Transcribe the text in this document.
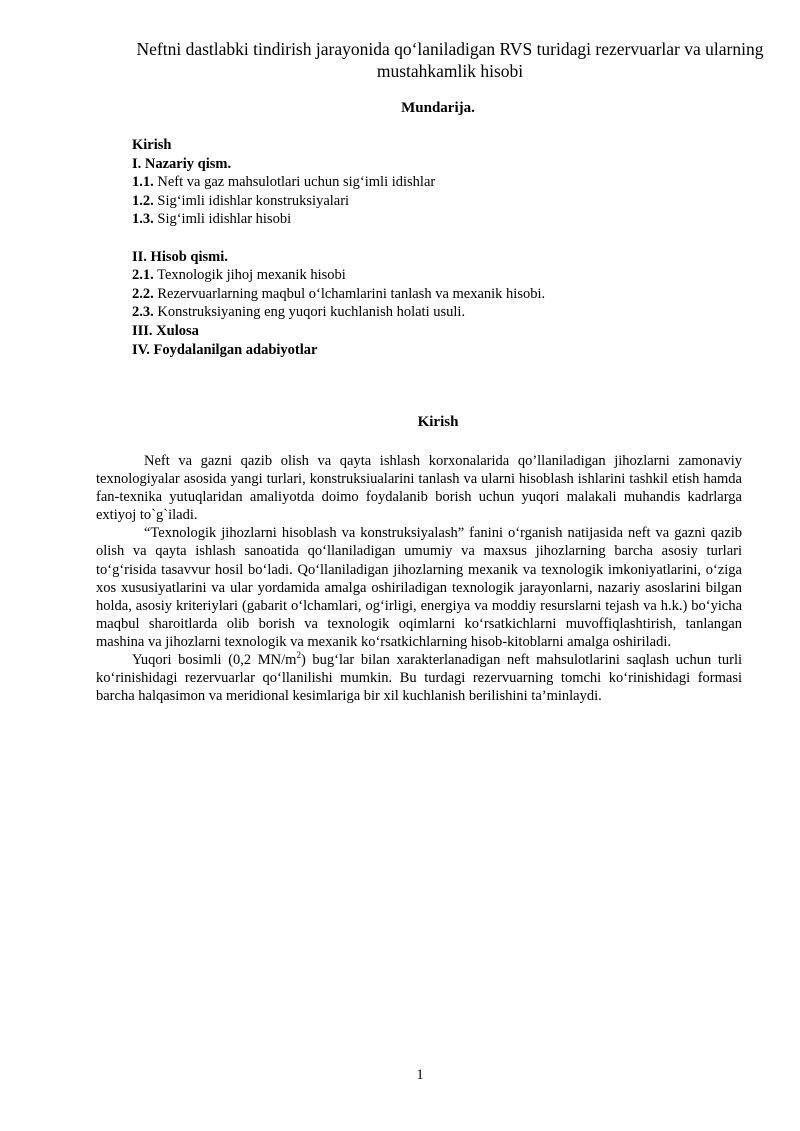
Neftni dastlabki tindirish jarayonida qo‘laniladigan RVS turidagi rezervuarlar va ularning mustahkamlik hisobi
Mundarija.
Kirish
I. Nazariy qism.
1.1. Neft va gaz mahsulotlari uchun sig‘imli idishlar
1.2. Sig‘imli idishlar konstruksiyalari
1.3. Sig‘imli idishlar hisobi
II. Hisob qismi.
2.1. Texnologik jihoj mexanik hisobi
2.2. Rezervuarlarning maqbul o‘lchamlarini tanlash va mexanik hisobi.
2.3. Konstruksiyaning eng yuqori kuchlanish holati usuli.
III. Xulosa
IV. Foydalanilgan adabiyotlar
Kirish

Neft va gazni qazib olish va qayta ishlash korxonalarida qo’llaniladigan jihozlarni zamonaviy texnologiyalar asosida yangi turlari, konstruksiualarini tanlash va ularni hisoblash ishlarini tashkil etish hamda fan-texnika yutuqlaridan amaliyotda doimo foydalanib borish uchun yuqori malakali muhandis kadrlarga extiyoj to`g`iladi.

“Texnologik jihozlarni hisoblash va konstruksiyalash” fanini o‘rganish natijasida neft va gazni qazib olish va qayta ishlash sanoatida qo‘llaniladigan umumiy va maxsus jihozlarning barcha asosiy turlari to‘g‘risida tasavvur hosil bo‘ladi. Qo‘llaniladigan jihozlarning mexanik va texnologik imkoniyatlarini, o‘ziga xos xususiyatlarini va ular yordamida amalga oshiriladigan texnologik jarayonlarni, nazariy asoslarini bilgan holda, asosiy kriteriylari (gabarit o‘lchamlari, og‘irligi, energiya va moddiy resurslarni tejash va h.k.) bo‘yicha maqbul sharoitlarda olib borish va texnologik oqimlarni ko‘rsatkichlarni muvoffiqlashtirish, tanlangan mashina va jihozlarni texnologik va mexanik ko‘rsatkichlarning hisob-kitoblarni amalga oshiriladi.

Yuqori bosimli (0,2 $MN/m^2$) bug‘lar bilan xarakterlanadigan neft mahsulotlarini saqlash uchun turli ko‘rinishidagi rezervuarlar qo‘llanilishi mumkin. Bu turdagi rezervuarning tomchi ko‘rinishidagi formasi barcha halqasimon va meridional kesimlariga bir xil kuchlanish berilishini ta’minlaydi.

1
